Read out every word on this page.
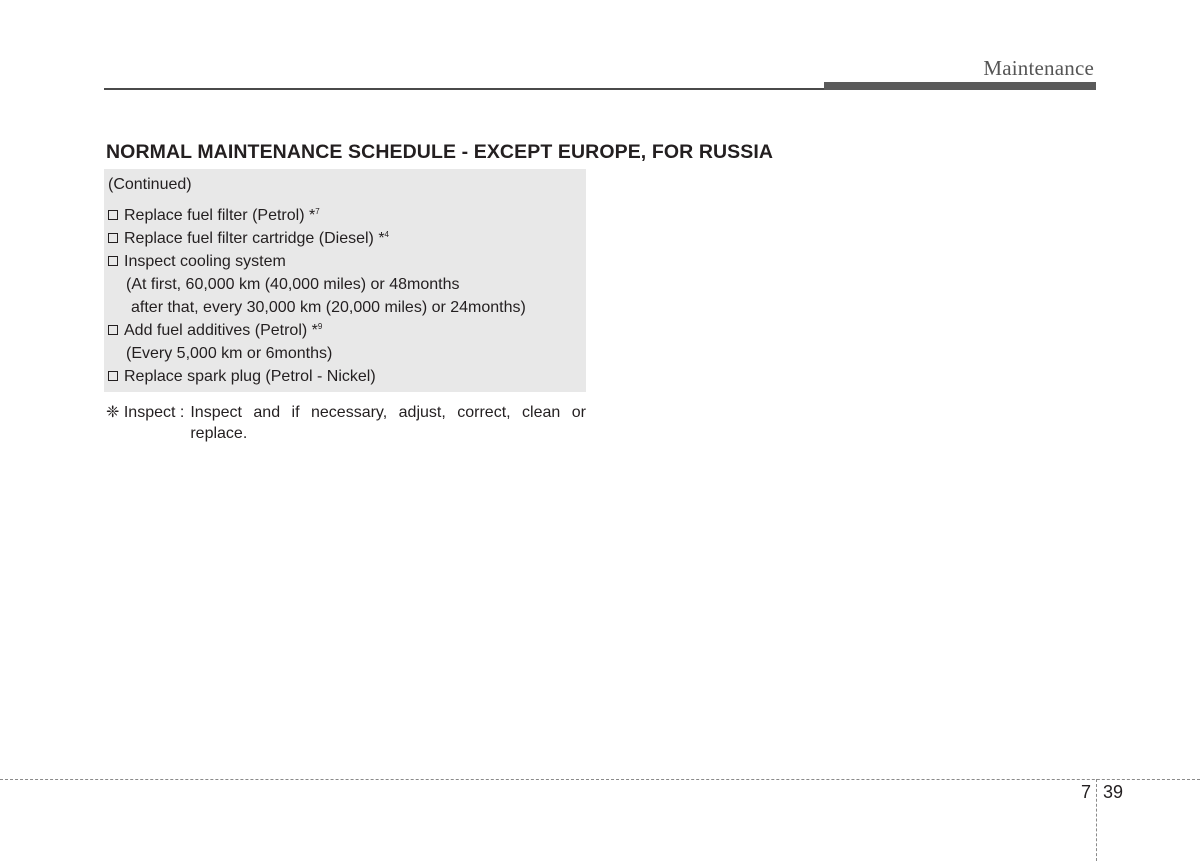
Maintenance
NORMAL MAINTENANCE SCHEDULE - EXCEPT EUROPE, FOR RUSSIA
(Continued)
Replace fuel filter (Petrol) *$^7$
Replace fuel filter cartridge (Diesel) *$^4$
Inspect cooling system
(At first, 60,000 km (40,000 miles) or 48months
after that, every 30,000 km (20,000 miles) or 24months)
Add fuel additives (Petrol) *$^9$
(Every 5,000 km or 6months)
Replace spark plug (Petrol - Nickel)
❈ Inspect : Inspect and if necessary, adjust, correct, clean or replace.
7 39
